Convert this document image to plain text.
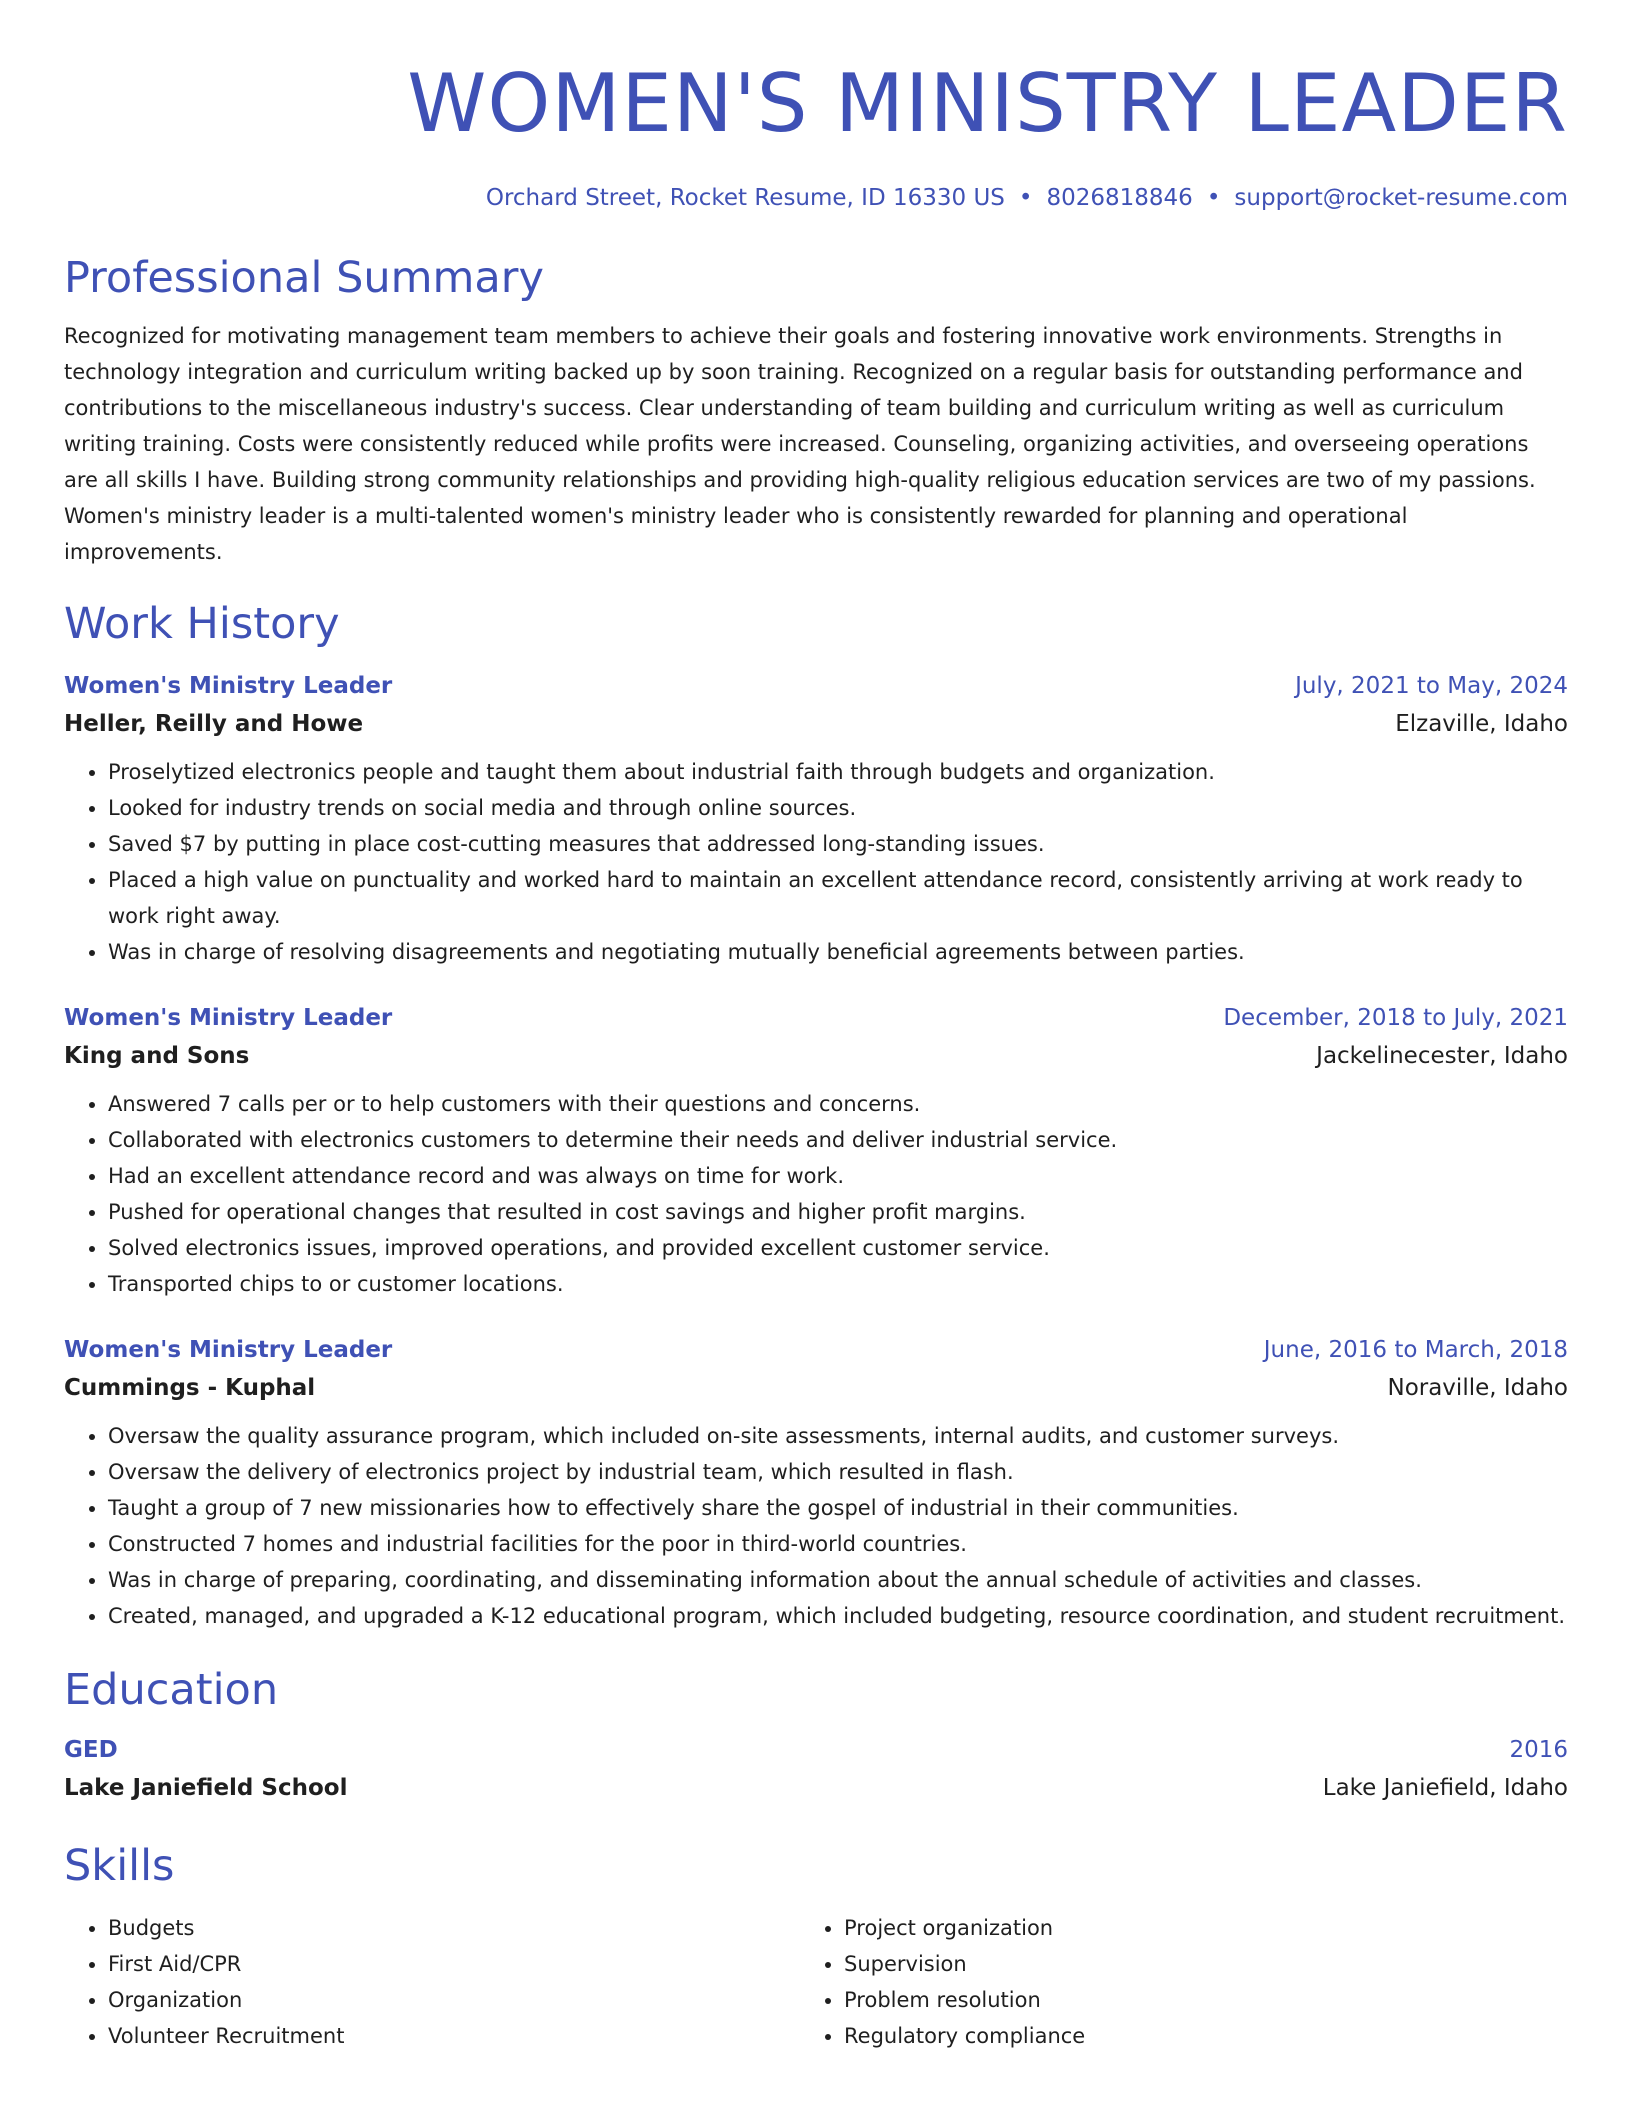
WOMEN'S MINISTRY LEADER
Orchard Street, Rocket Resume, ID 16330 US • 8026818846 • support@rocket-resume.com
Professional Summary
Recognized for motivating management team members to achieve their goals and fostering innovative work environments. Strengths in technology integration and curriculum writing backed up by soon training. Recognized on a regular basis for outstanding performance and contributions to the miscellaneous industry's success. Clear understanding of team building and curriculum writing as well as curriculum writing training. Costs were consistently reduced while profits were increased. Counseling, organizing activities, and overseeing operations are all skills I have. Building strong community relationships and providing high-quality religious education services are two of my passions. Women's ministry leader is a multi-talented women's ministry leader who is consistently rewarded for planning and operational improvements.
Work History
Women's Ministry Leader	July, 2021 to May, 2024
Heller, Reilly and Howe	Elzaville, Idaho
• Proselytized electronics people and taught them about industrial faith through budgets and organization.
• Looked for industry trends on social media and through online sources.
• Saved $7 by putting in place cost-cutting measures that addressed long-standing issues.
• Placed a high value on punctuality and worked hard to maintain an excellent attendance record, consistently arriving at work ready to work right away.
• Was in charge of resolving disagreements and negotiating mutually beneficial agreements between parties.
Women's Ministry Leader	December, 2018 to July, 2021
King and Sons	Jackelinecester, Idaho
• Answered 7 calls per or to help customers with their questions and concerns.
• Collaborated with electronics customers to determine their needs and deliver industrial service.
• Had an excellent attendance record and was always on time for work.
• Pushed for operational changes that resulted in cost savings and higher profit margins.
• Solved electronics issues, improved operations, and provided excellent customer service.
• Transported chips to or customer locations.
Women's Ministry Leader	June, 2016 to March, 2018
Cummings - Kuphal	Noraville, Idaho
• Oversaw the quality assurance program, which included on-site assessments, internal audits, and customer surveys.
• Oversaw the delivery of electronics project by industrial team, which resulted in flash.
• Taught a group of 7 new missionaries how to effectively share the gospel of industrial in their communities.
• Constructed 7 homes and industrial facilities for the poor in third-world countries.
• Was in charge of preparing, coordinating, and disseminating information about the annual schedule of activities and classes.
• Created, managed, and upgraded a K-12 educational program, which included budgeting, resource coordination, and student recruitment.
Education
GED	2016
Lake Janiefield School	Lake Janiefield, Idaho
Skills
• Budgets
• First Aid/CPR
• Organization
• Volunteer Recruitment
• Project organization
• Supervision
• Problem resolution
• Regulatory compliance
